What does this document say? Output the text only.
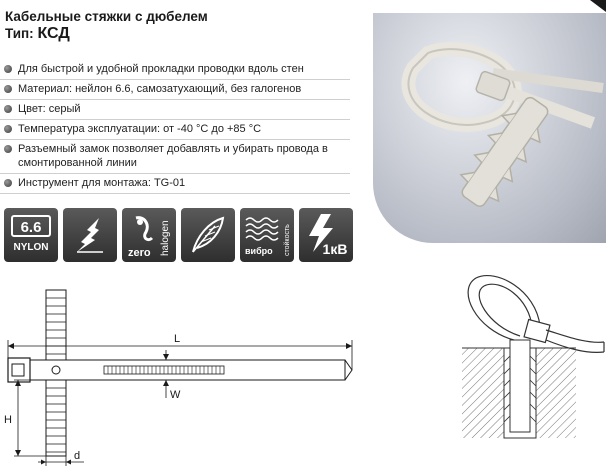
Кабельные стяжки с дюбелем
Тип: КСД
Для быстрой и удобной прокладки проводки вдоль стен
Материал: нейлон 6.6, самозатухающий, без галогенов
Цвет: серый
Температура эксплуатации: от -40 °С до +85 °С
Разъемный замок позволяет добавлять и убирать провода в смонтированной линии
Инструмент для монтажа: TG-01
6.6
NYLON	zero halogen	вибро стойкость 1кВ
L
W
H
d
